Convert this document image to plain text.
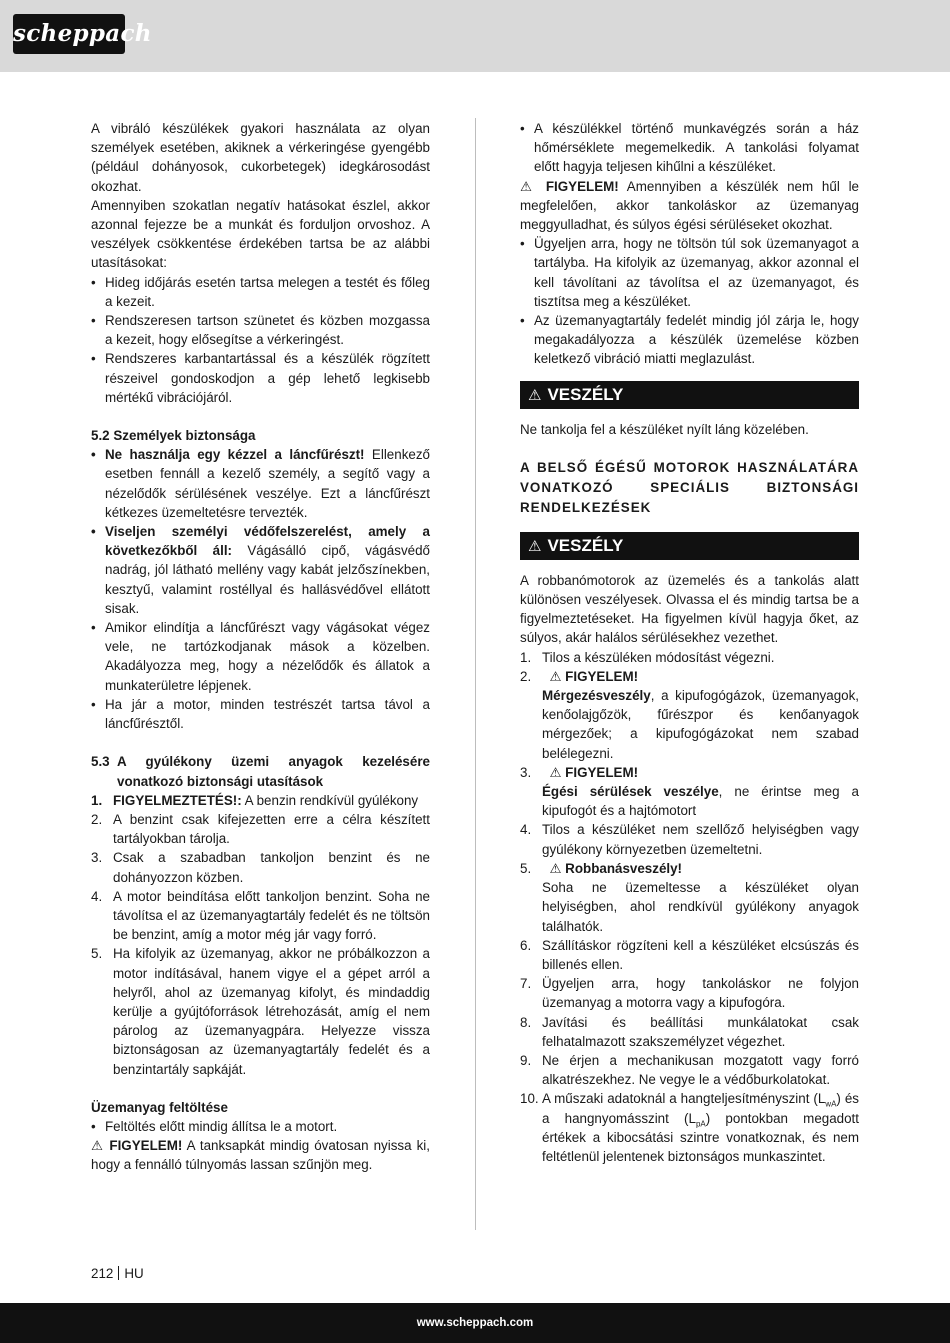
scheppach

A vibráló készülékek gyakori használata az olyan személyek esetében, akiknek a vérkeringése gyengébb (például dohányosok, cukorbetegek) idegkárosodást okozhat.

Amennyiben szokatlan negatív hatásokat észlel, akkor azonnal fejezze be a munkát és forduljon orvoshoz. A veszélyek csökkentése érdekében tartsa be az alábbi utasításokat:

• Hideg időjárás esetén tartsa melegen a testét és főleg a kezeit.
• Rendszeresen tartson szünetet és közben mozgassa a kezeit, hogy elősegítse a vérkeringést.
• Rendszeres karbantartással és a készülék rögzített részeivel gondoskodjon a gép lehető legkisebb mértékű vibrációjáról.

5.2 Személyek biztonsága

• Ne használja egy kézzel a láncfűrészt! Ellenkező esetben fennáll a kezelő személy, a segítő vagy a nézelődők sérülésének veszélye. Ezt a láncfűrészt kétkezes üzemeltetésre tervezték.
• Viseljen személyi védőfelszerelést, amely a következőkből áll: Vágásálló cipő, vágásvédő nadrág, jól látható mellény vagy kabát jelzőszínekben, kesztyű, valamint rostéllyal és hallásvédővel ellátott sisak.
• Amikor elindítja a láncfűrészt vagy vágásokat végez vele, ne tartózkodjanak mások a közelben. Akadályozza meg, hogy a nézelődők és állatok a munkaterületre lépjenek.
• Ha jár a motor, minden testrészét tartsa távol a láncfűrésztől.
5.3 A gyúlékony üzemi anyagok kezelésére vonatkozó biztonsági utasítások
1. FIGYELMEZTETÉS!: A benzin rendkívül gyúlékony
2. A benzint csak kifejezetten erre a célra készített tartályokban tárolja.
3. Csak a szabadban tankoljon benzint és ne dohányozzon közben.
4. A motor beindítása előtt tankoljon benzint. Soha ne távolítsa el az üzemanyagtartály fedelét és ne töltsön be benzint, amíg a motor még jár vagy forró.
5. Ha kifolyik az üzemanyag, akkor ne próbálkozzon a motor indításával, hanem vigye el a gépet arról a helyről, ahol az üzemanyag kifolyt, és mindaddig kerülje a gyújtóforrások létrehozását, amíg el nem párolog az üzemanyagpára. Helyezze vissza biztonságosan az üzemanyagtartály fedelét és a benzintartály sapkáját.

Üzemanyag feltöltése

• Feltöltés előtt mindig állítsa le a motort.

⚠ FIGYELEM! A tanksapkát mindig óvatosan nyissa ki, hogy a fennálló túlnyomás lassan szűnjön meg.

• A készülékkel történő munkavégzés során a ház hőmérséklete megemelkedik. A tankolási folyamat előtt hagyja teljesen kihűlni a készüléket.

⚠ FIGYELEM! Amennyiben a készülék nem hűl le megfelelően, akkor tankoláskor az üzemanyag meggyulladhat, és súlyos égési sérüléseket okozhat.

• Ügyeljen arra, hogy ne töltsön túl sok üzemanyagot a tartályba. Ha kifolyik az üzemanyag, akkor azonnal el kell távolítani az távolítsa el az üzemanyagot, és tisztítsa meg a készüléket.
• Az üzemanyagtartály fedelét mindig jól zárja le, hogy megakadályozza a készülék üzemelése közben keletkező vibráció miatti meglazulást.
⚠ VESZÉLY

Ne tankolja fel a készüléket nyílt láng közelében.

A BELSŐ ÉGÉSŰ MOTOROK HASZNÁLATÁRA VONATKOZÓ SPECIÁLIS BIZTONSÁGI RENDELKEZÉSEK

⚠ VESZÉLY

A robbanómotorok az üzemelés és a tankolás alatt különösen veszélyesek. Olvassa el és mindig tartsa be a figyelmeztetéseket. Ha figyelmen kívül hagyja őket, az súlyos, akár halálos sérülésekhez vezethet.

1. Tilos a készüléken módosítást végezni.
2. ⚠ FIGYELEM!
Mérgezésveszély, a kipufogógázok, üzemanyagok, kenőolajgőzök, fűrészpor és kenőanyagok mérgezőek; a kipufogógázokat nem szabad belélegezni.
3. ⚠ FIGYELEM!
Égési sérülések veszélye, ne érintse meg a kipufogót és a hajtómotort
4. Tilos a készüléket nem szellőző helyiségben vagy gyúlékony környezetben üzemeltetni.
5. ⚠ Robbanásveszély!
Soha ne üzemeltesse a készüléket olyan helyiségben, ahol rendkívül gyúlékony anyagok találhatók.
6. Szállításkor rögzíteni kell a készüléket elcsúszás és billenés ellen.
7. Ügyeljen arra, hogy tankoláskor ne folyjon üzemanyag a motorra vagy a kipufogóra.
8. Javítási és beállítási munkálatokat csak felhatalmazott szakszemélyzet végezhet.
9. Ne érjen a mechanikusan mozgatott vagy forró alkatrészekhez. Ne vegye le a védőburkolatokat.
10. A műszaki adatoknál a hangteljesítményszint $(L_{wA})$ és a hangnyomásszint $(L_{pA})$ pontokban megadott értékek a kibocsátási szintre vonatkoznak, és nem feltétlenül jelentenek biztonságos munkaszintet.
212 HU
www.scheppach.com
